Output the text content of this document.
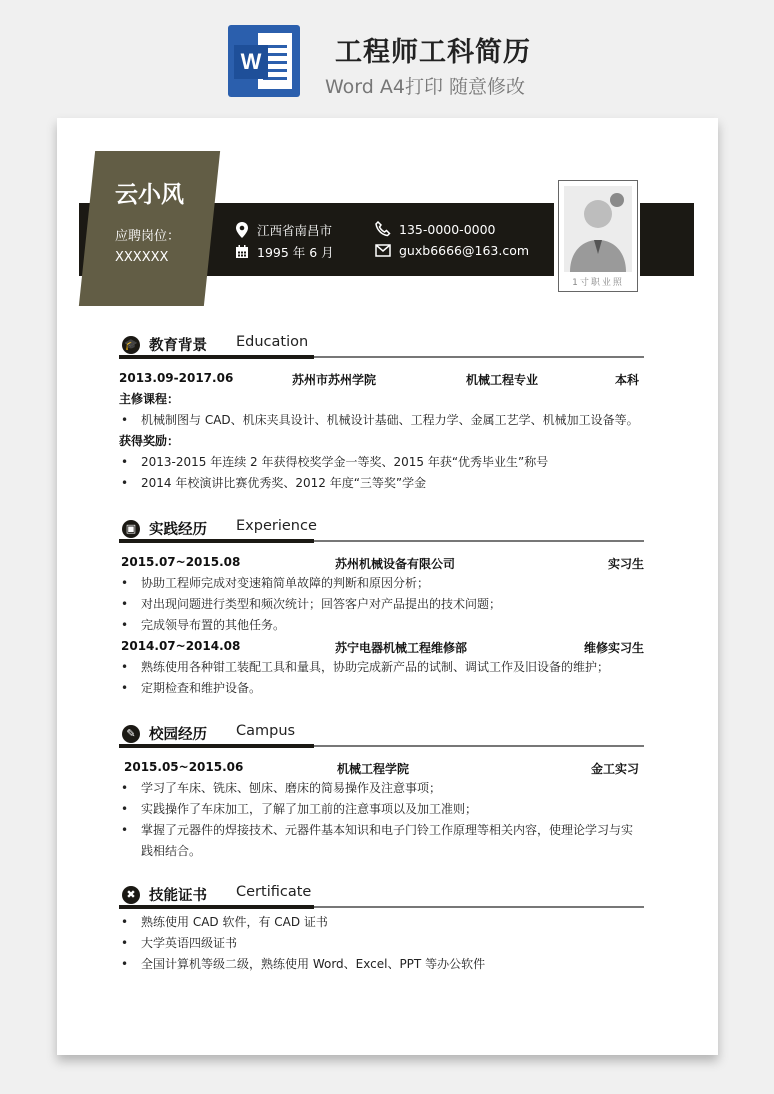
W	工程师工科简历
Word A4打印 随意修改
云小风
应聘岗位：
XXXXXX
江西省南昌市
1995 年 6 月
135-0000-0000
guxb6666@163.com
1寸职业照
🎓 教育背景 Education
2013.09-2017.06	苏州市苏州学院	机械工程专业	本科
主修课程：
• 机械制图与 CAD、机床夹具设计、机械设计基础、工程力学、金属工艺学、机械加工设备等。
获得奖励：
• 2013-2015 年连续 2 年获得校奖学金一等奖、2015 年获“优秀毕业生”称号
• 2014 年校演讲比赛优秀奖、2012 年度“三等奖”学金
▣ 实践经历 Experience
2015.07~2015.08	苏州机械设备有限公司	实习生
• 协助工程师完成对变速箱简单故障的判断和原因分析；
• 对出现问题进行类型和频次统计；回答客户对产品提出的技术问题；
• 完成领导布置的其他任务。
2014.07~2014.08	苏宁电器机械工程维修部	维修实习生
• 熟练使用各种钳工装配工具和量具，协助完成新产品的试制、调试工作及旧设备的维护；
• 定期检查和维护设备。
✎ 校园经历 Campus
2015.05~2015.06	机械工程学院	金工实习
• 学习了车床、铣床、刨床、磨床的简易操作及注意事项；
• 实践操作了车床加工，了解了加工前的注意事项以及加工准则；
• 掌握了元器件的焊接技术、元器件基本知识和电子门铃工作原理等相关内容，使理论学习与实践相结合。
✖ 技能证书 Certificate
• 熟练使用 CAD 软件，有 CAD 证书
• 大学英语四级证书
• 全国计算机等级二级，熟练使用 Word、Excel、PPT 等办公软件
